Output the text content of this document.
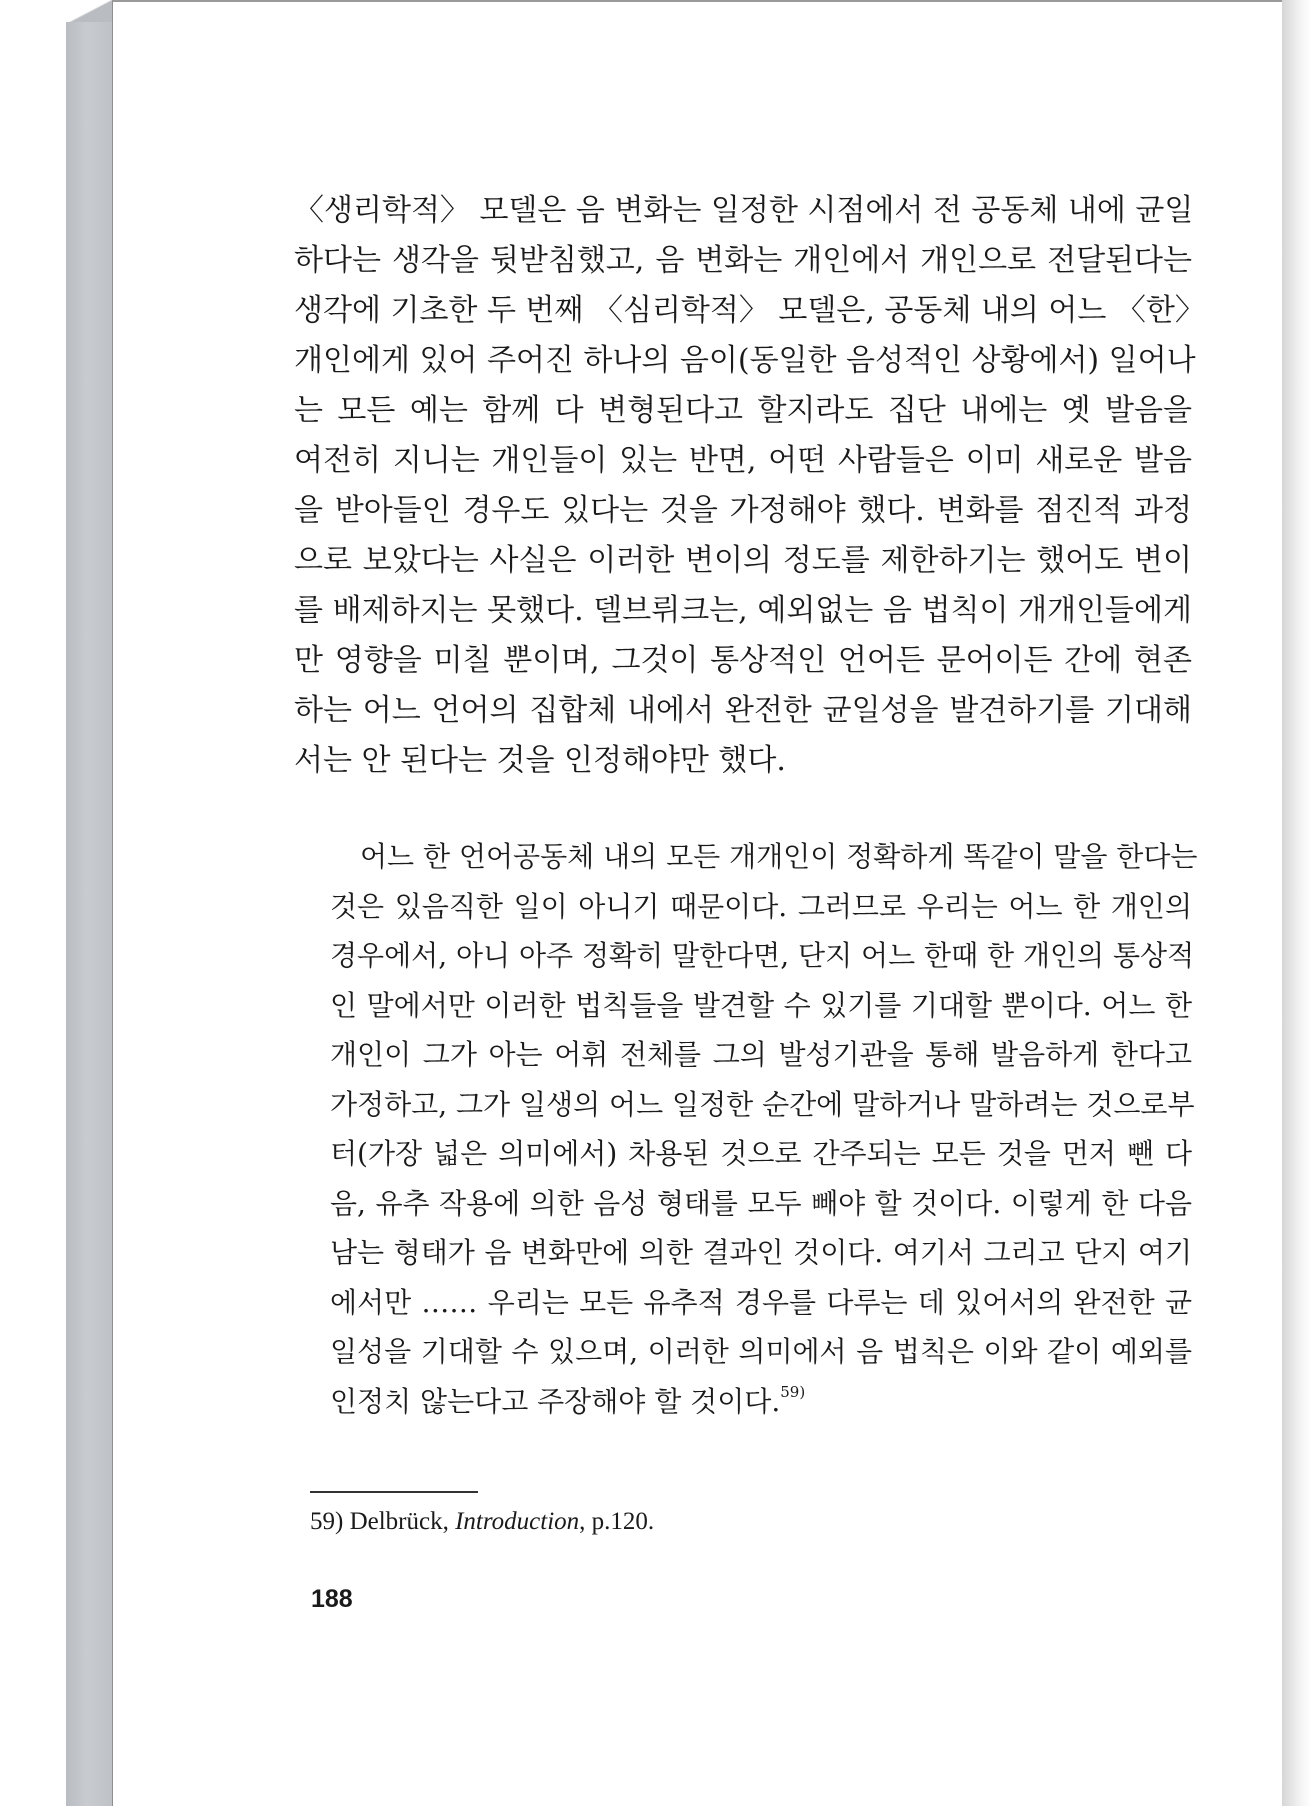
〈생리학적〉 모델은 음 변화는 일정한 시점에서 전 공동체 내에 균일
하다는 생각을 뒷받침했고, 음 변화는 개인에서 개인으로 전달된다는
생각에 기초한 두 번째 〈심리학적〉 모델은, 공동체 내의 어느 〈한〉
개인에게 있어 주어진 하나의 음이(동일한 음성적인 상황에서) 일어나
는 모든 예는 함께 다 변형된다고 할지라도 집단 내에는 옛 발음을
여전히 지니는 개인들이 있는 반면, 어떤 사람들은 이미 새로운 발음
을 받아들인 경우도 있다는 것을 가정해야 했다. 변화를 점진적 과정
으로 보았다는 사실은 이러한 변이의 정도를 제한하기는 했어도 변이
를 배제하지는 못했다. 델브뤼크는, 예외없는 음 법칙이 개개인들에게
만 영향을 미칠 뿐이며, 그것이 통상적인 언어든 문어이든 간에 현존
하는 어느 언어의 집합체 내에서 완전한 균일성을 발견하기를 기대해
서는 안 된다는 것을 인정해야만 했다.
어느 한 언어공동체 내의 모든 개개인이 정확하게 똑같이 말을 한다는
것은 있음직한 일이 아니기 때문이다. 그러므로 우리는 어느 한 개인의
경우에서, 아니 아주 정확히 말한다면, 단지 어느 한때 한 개인의 통상적
인 말에서만 이러한 법칙들을 발견할 수 있기를 기대할 뿐이다. 어느 한
개인이 그가 아는 어휘 전체를 그의 발성기관을 통해 발음하게 한다고
가정하고, 그가 일생의 어느 일정한 순간에 말하거나 말하려는 것으로부
터(가장 넓은 의미에서) 차용된 것으로 간주되는 모든 것을 먼저 뺀 다
음, 유추 작용에 의한 음성 형태를 모두 빼야 할 것이다. 이렇게 한 다음
남는 형태가 음 변화만에 의한 결과인 것이다. 여기서 그리고 단지 여기
에서만 …… 우리는 모든 유추적 경우를 다루는 데 있어서의 완전한 균
일성을 기대할 수 있으며, 이러한 의미에서 음 법칙은 이와 같이 예외를
인정치 않는다고 주장해야 할 것이다.$^{59)}$
59) Delbrück, Introduction, p.120.
188
